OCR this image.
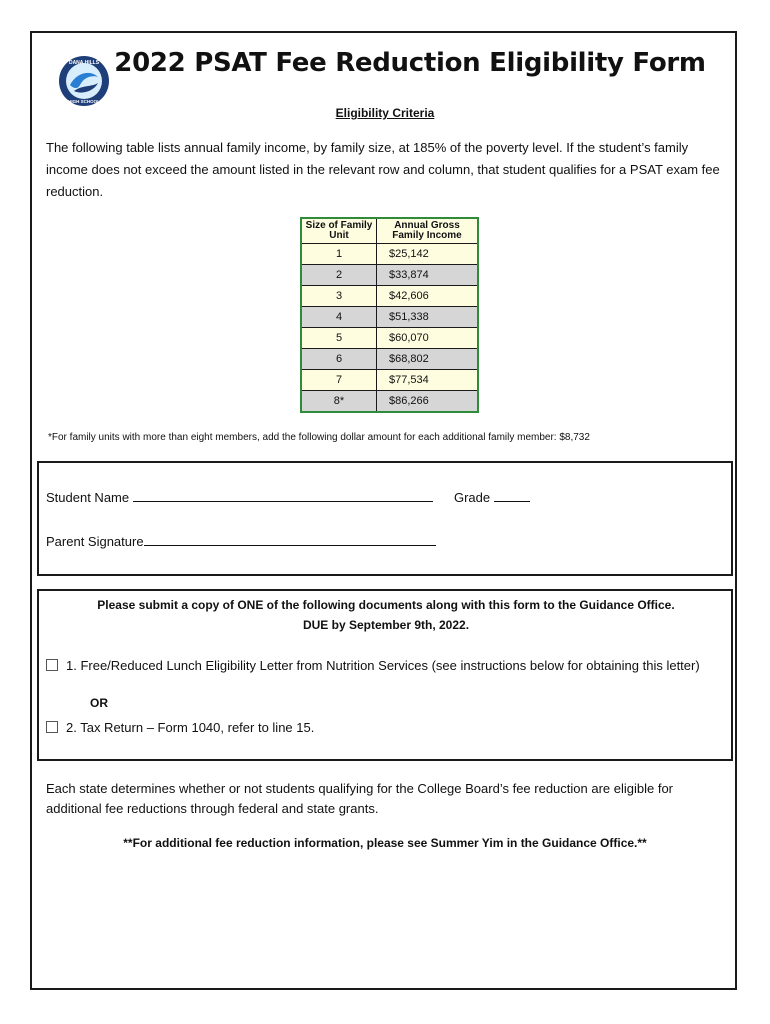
DANA HILLS
HIGH SCHOOL
2022 PSAT Fee Reduction Eligibility Form
Eligibility Criteria
The following table lists annual family income, by family size, at 185% of the poverty level. If the student’s family income does not exceed the amount listed in the relevant row and column, that student qualifies for a PSAT exam fee reduction.
Size of Family Unit	Annual Gross Family Income
1	$25,142
2	$33,874
3	$42,606
4	$51,338
5	$60,070
6	$68,802
7	$77,534
8*	$86,266
*For family units with more than eight members, add the following dollar amount for each additional family member: $8,732
Student Name	Grade
Parent Signature
Please submit a copy of ONE of the following documents along with this form to the Guidance Office.
DUE by September 9th, 2022.
1. Free/Reduced Lunch Eligibility Letter from Nutrition Services (see instructions below for obtaining this letter)
OR
2. Tax Return – Form 1040, refer to line 15.
Each state determines whether or not students qualifying for the College Board’s fee reduction are eligible for additional fee reductions through federal and state grants.
**For additional fee reduction information, please see Summer Yim in the Guidance Office.**
